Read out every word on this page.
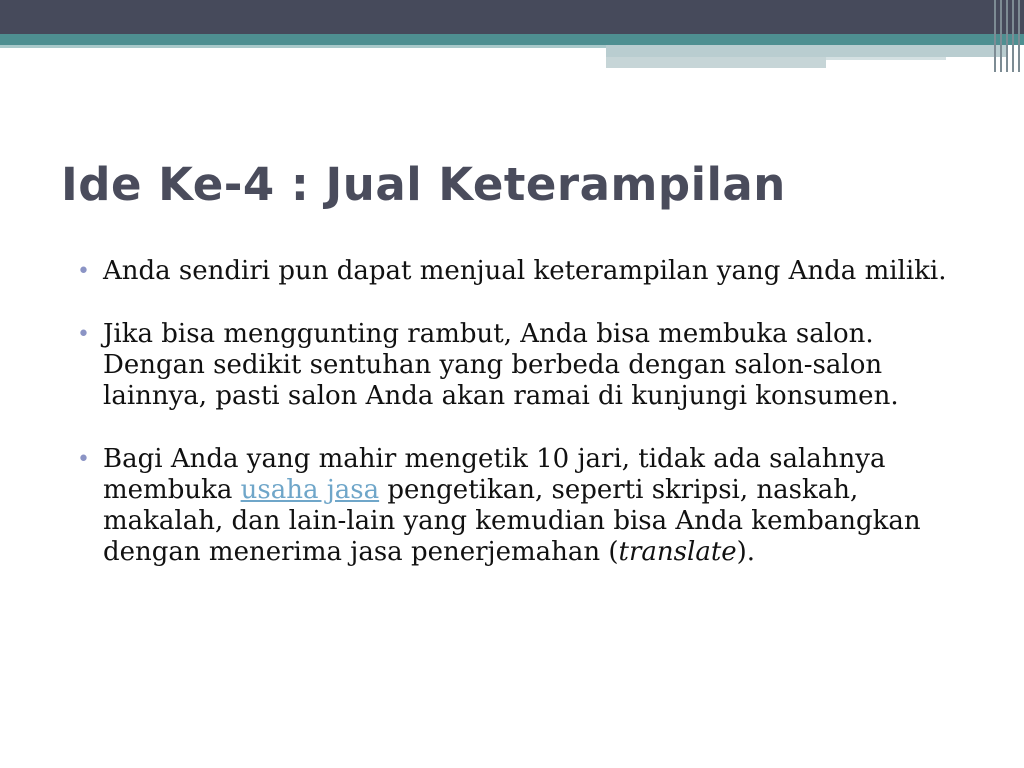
Ide Ke-4 : Jual Keterampilan
• Anda sendiri pun dapat menjual keterampilan yang Anda miliki.
• Jika bisa menggunting rambut, Anda bisa membuka salon. Dengan sedikit sentuhan yang berbeda dengan salon-salon lainnya, pasti salon Anda akan ramai di kunjungi konsumen.
• Bagi Anda yang mahir mengetik 10 jari, tidak ada salahnya membuka usaha jasa pengetikan, seperti skripsi, naskah, makalah, dan lain-lain yang kemudian bisa Anda kembangkan dengan menerima jasa penerjemahan (translate).
